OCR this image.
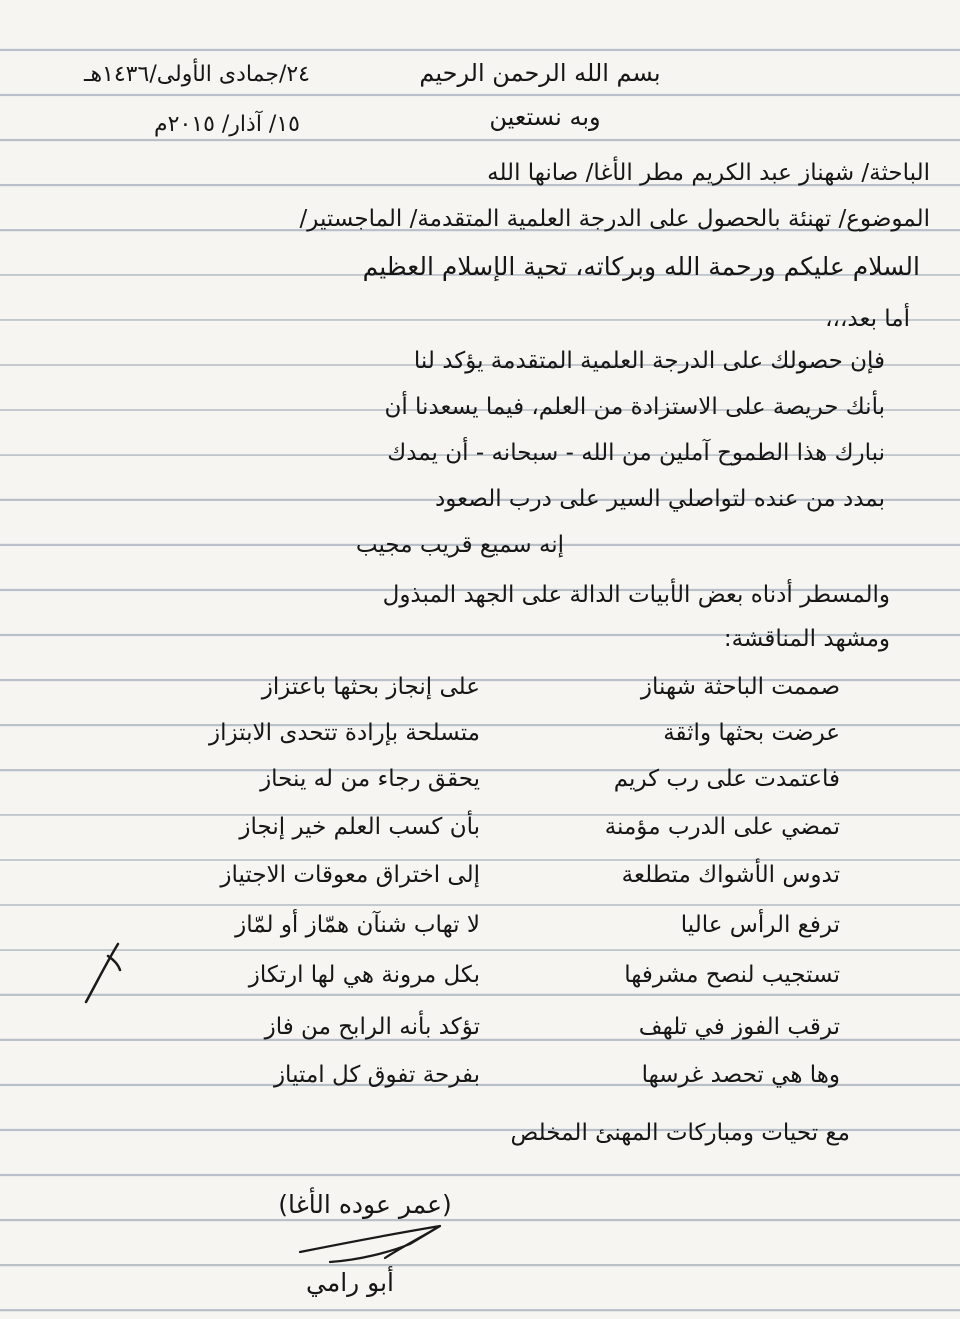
بسم الله الرحمن الرحيم
٢٤/جمادى الأولى/١٤٣٦هـ
وبه نستعين
١٥/ آذار/ ٢٠١٥م
الباحثة/ شهناز عبد الكريم مطر الأغا/ صانها الله
الموضوع/ تهنئة بالحصول على الدرجة العلمية المتقدمة/ الماجستير/
السلام عليكم ورحمة الله وبركاته، تحية الإسلام العظيم
أما بعد،،،
فإن حصولك على الدرجة العلمية المتقدمة يؤكد لنا
بأنك حريصة على الاستزادة من العلم، فيما يسعدنا أن
نبارك هذا الطموح آملين من الله - سبحانه - أن يمدك
بمدد من عنده لتواصلي السير على درب الصعود
إنه سميع قريب مجيب
والمسطر أدناه بعض الأبيات الدالة على الجهد المبذول
ومشهد المناقشة:
صممت الباحثة شهناز
على إنجاز بحثها باعتزاز
عرضت بحثها واثقة
متسلحة بإرادة تتحدى الابتزاز
فاعتمدت على رب كريم
يحقق رجاء من له ينحاز
تمضي على الدرب مؤمنة
بأن كسب العلم خير إنجاز
تدوس الأشواك متطلعة
إلى اختراق معوقات الاجتياز
ترفع الرأس عاليا
لا تهاب شنآن همّاز أو لمّاز
تستجيب لنصح مشرفها
بكل مرونة هي لها ارتكاز
ترقب الفوز في تلهف
تؤكد بأنه الرابح من فاز
وها هي تحصد غرسها
بفرحة تفوق كل امتياز
مع تحيات ومباركات المهنئ المخلص
(عمر عوده الأغا)
أبو رامي
